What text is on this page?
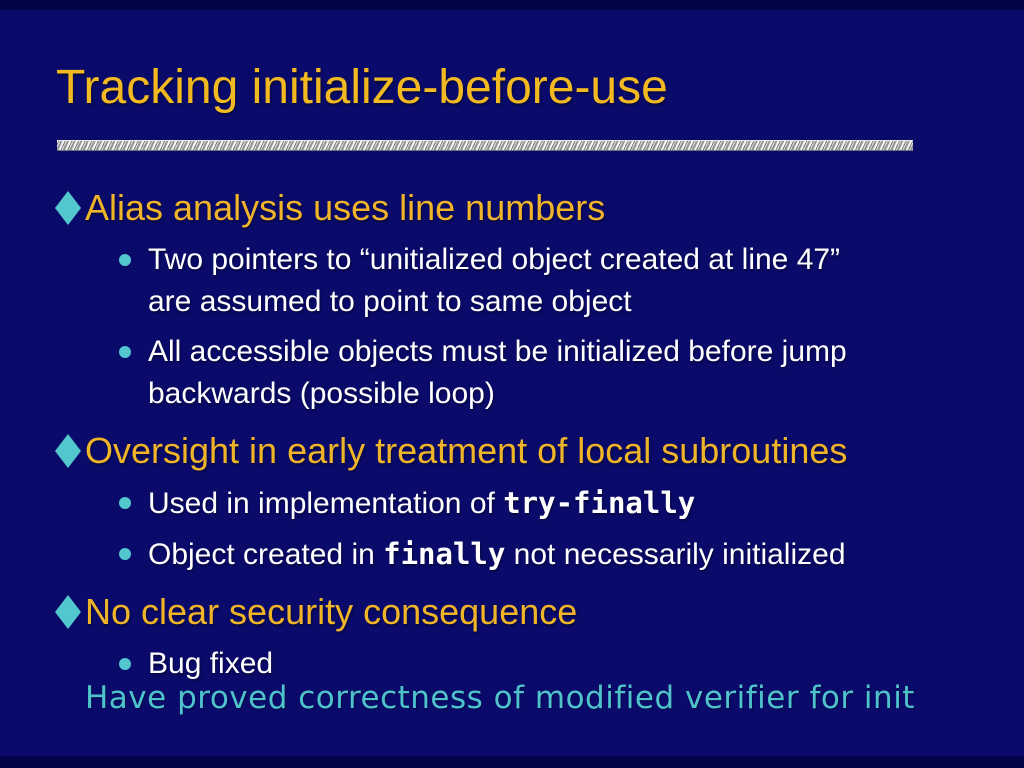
Tracking initialize-before-use
Alias analysis uses line numbers
Two pointers to “unitialized object created at line 47”
are assumed to point to same object
All accessible objects must be initialized before jump
backwards (possible loop)
Oversight in early treatment of local subroutines
Used in implementation of try-finally
Object created in finally not necessarily initialized
No clear security consequence
Bug fixed
Have proved correctness of modified verifier for init
